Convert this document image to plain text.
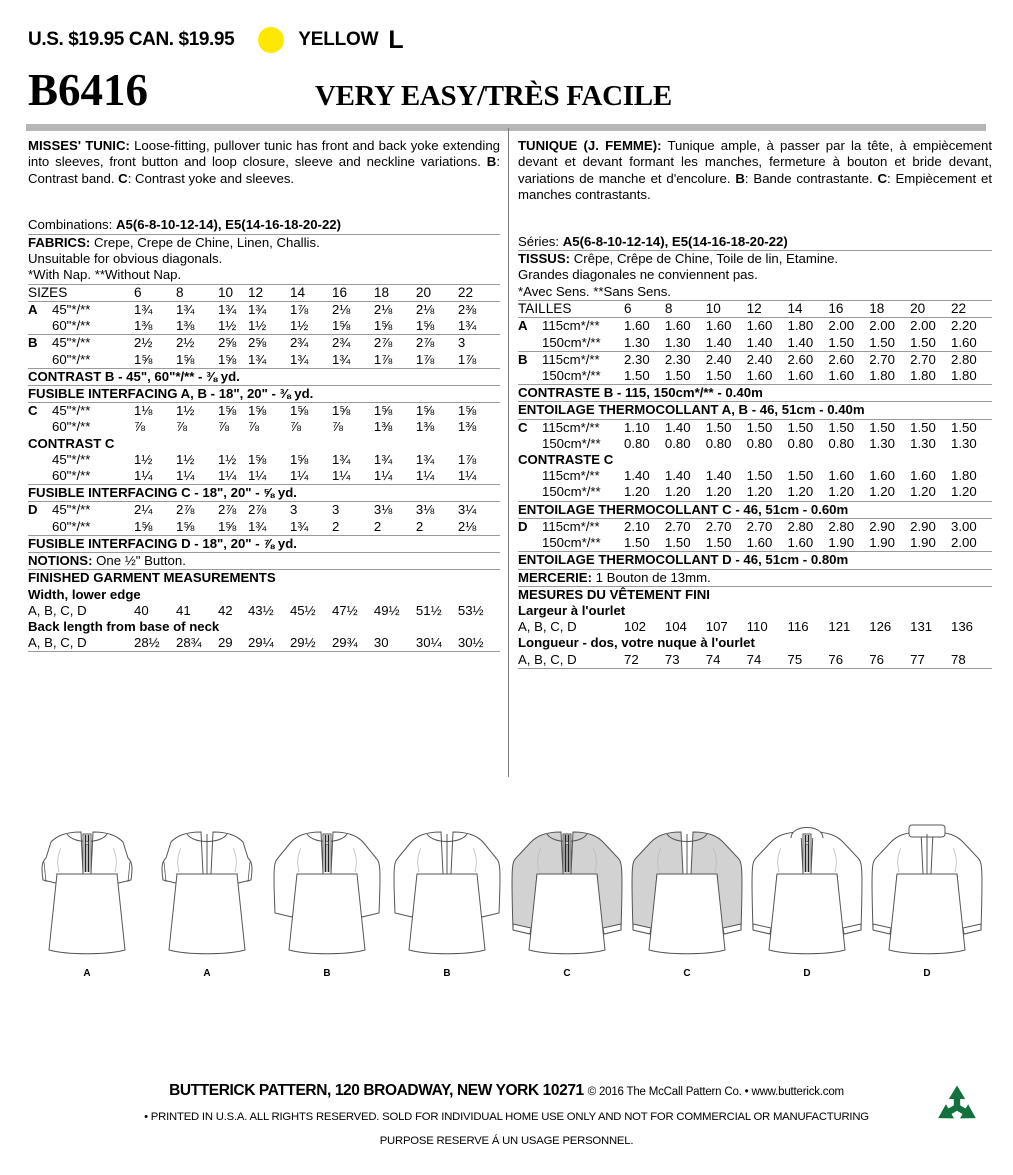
U.S. $19.95 CAN. $19.95	YELLOW L
B6416	VERY EASY/TRÈS FACILE
MISSES' TUNIC: Loose-fitting, pullover tunic has front and back yoke extending into sleeves, front button and loop closure, sleeve and neckline variations. B: Contrast band. C: Contrast yoke and sleeves.
Combinations: A5(6-8-10-12-14), E5(14-16-18-20-22)
FABRICS: Crepe, Crepe de Chine, Linen, Challis.
Unsuitable for obvious diagonals.
*With Nap. **Without Nap.
SIZES		6	8	10	12	14	16	18	20	22
A	45"*/**	1¾	1¾	1¾	1¾	1⅞	2⅛	2⅛	2⅛	2⅜
	60"*/**	1⅜	1⅜	1½	1½	1½	1⅝	1⅝	1⅝	1¾
B	45"*/**	2½	2½	2⅝	2⅝	2¾	2¾	2⅞	2⅞	3
	60"*/**	1⅝	1⅝	1⅝	1¾	1¾	1¾	1⅞	1⅞	1⅞
CONTRAST B - 45", 60"*/** - ⅜ yd.										
FUSIBLE INTERFACING A, B - 18", 20" - ⅜ yd.										
C	45"*/**	1⅛	1½	1⅝	1⅝	1⅝	1⅝	1⅝	1⅝	1⅝
	60"*/**	⅞	⅞	⅞	⅞	⅞	⅞	1⅜	1⅜	1⅜
CONTRAST C										
	45"*/**	1½	1½	1½	1⅝	1⅝	1¾	1¾	1¾	1⅞
	60"*/**	1¼	1¼	1¼	1¼	1¼	1¼	1¼	1¼	1¼
FUSIBLE INTERFACING C - 18", 20" - ⅝ yd.										
D	45"*/**	2¼	2⅞	2⅞	2⅞	3	3	3⅛	3⅛	3¼
	60"*/**	1⅝	1⅝	1⅝	1¾	1¾	2	2	2	2⅛
FUSIBLE INTERFACING D - 18", 20" - ⅞ yd.										
NOTIONS: One ½" Button.										
FINISHED GARMENT MEASUREMENTS										
Width, lower edge										
A, B, C, D		40	41	42	43½	45½	47½	49½	51½	53½
Back length from base of neck										
A, B, C, D		28½	28¾	29	29¼	29½	29¾	30	30¼	30½

TUNIQUE (J. FEMME): Tunique ample, à passer par la tête, à empiècement devant et devant formant les manches, fermeture à bouton et bride devant, variations de manche et d'encolure. B: Bande contrastante. C: Empiècement et manches contrastants.
Séries: A5(6-8-10-12-14), E5(14-16-18-20-22)
TISSUS: Crêpe, Crêpe de Chine, Toile de lin, Etamine.
Grandes diagonales ne conviennent pas.
*Avec Sens. **Sans Sens.
TAILLES		6	8	10	12	14	16	18	20	22
A	115cm*/**	1.60	1.60	1.60	1.60	1.80	2.00	2.00	2.00	2.20
	150cm*/**	1.30	1.30	1.40	1.40	1.40	1.50	1.50	1.50	1.60
B	115cm*/**	2.30	2.30	2.40	2.40	2.60	2.60	2.70	2.70	2.80
	150cm*/**	1.50	1.50	1.50	1.60	1.60	1.60	1.80	1.80	1.80
CONTRASTE B - 115, 150cm*/** - 0.40m										
ENTOILAGE THERMOCOLLANT A, B - 46, 51cm - 0.40m										
C	115cm*/**	1.10	1.40	1.50	1.50	1.50	1.50	1.50	1.50	1.50
	150cm*/**	0.80	0.80	0.80	0.80	0.80	0.80	1.30	1.30	1.30
CONTRASTE C										
	115cm*/**	1.40	1.40	1.40	1.50	1.50	1.60	1.60	1.60	1.80
	150cm*/**	1.20	1.20	1.20	1.20	1.20	1.20	1.20	1.20	1.20
ENTOILAGE THERMOCOLLANT C - 46, 51cm - 0.60m										
D	115cm*/**	2.10	2.70	2.70	2.70	2.80	2.80	2.90	2.90	3.00
	150cm*/**	1.50	1.50	1.50	1.60	1.60	1.90	1.90	1.90	2.00
ENTOILAGE THERMOCOLLANT D - 46, 51cm - 0.80m										
MERCERIE: 1 Bouton de 13mm.										
MESURES DU VÊTEMENT FINI										
Largeur à l'ourlet										
A, B, C, D		102	104	107	110	116	121	126	131	136
Longueur - dos, votre nuque à l'ourlet										
A, B, C, D		72	73	74	74	75	76	76	77	78

A	A	B	B	C	C	D	D
BUTTERICK PATTERN, 120 BROADWAY, NEW YORK 10271 © 2016 The McCall Pattern Co. • www.butterick.com
• PRINTED IN U.S.A. ALL RIGHTS RESERVED. SOLD FOR INDIVIDUAL HOME USE ONLY AND NOT FOR COMMERCIAL OR MANUFACTURING
PURPOSE RESERVE Á UN USAGE PERSONNEL.
